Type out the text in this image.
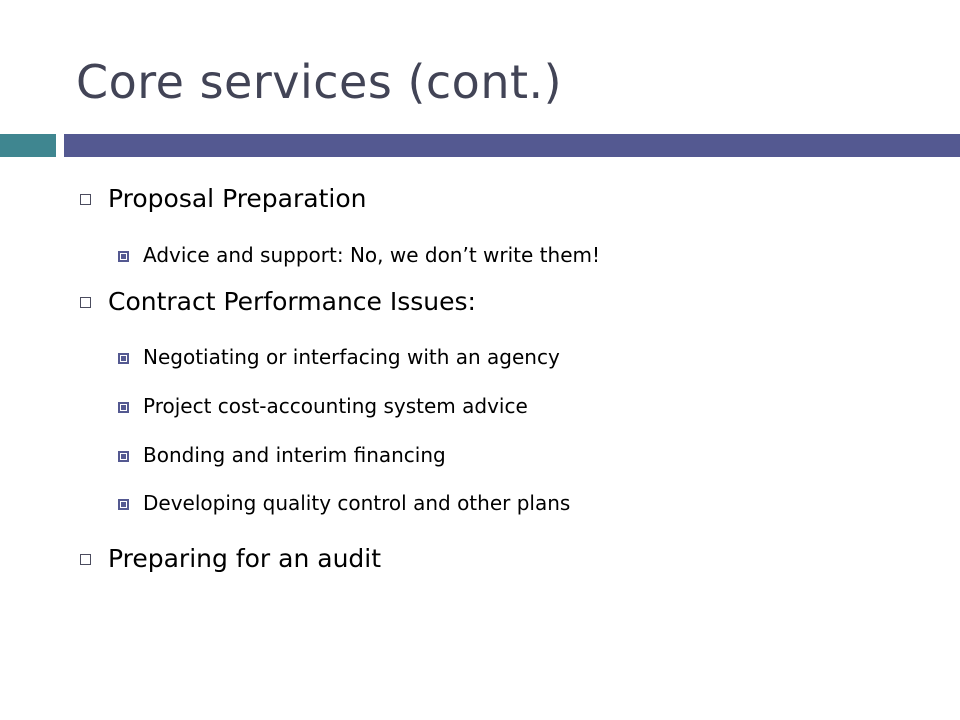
Core services (cont.)
Proposal Preparation
Advice and support: No, we don’t write them!
Contract Performance Issues:
Negotiating or interfacing with an agency
Project cost-accounting system advice
Bonding and interim financing
Developing quality control and other plans
Preparing for an audit
